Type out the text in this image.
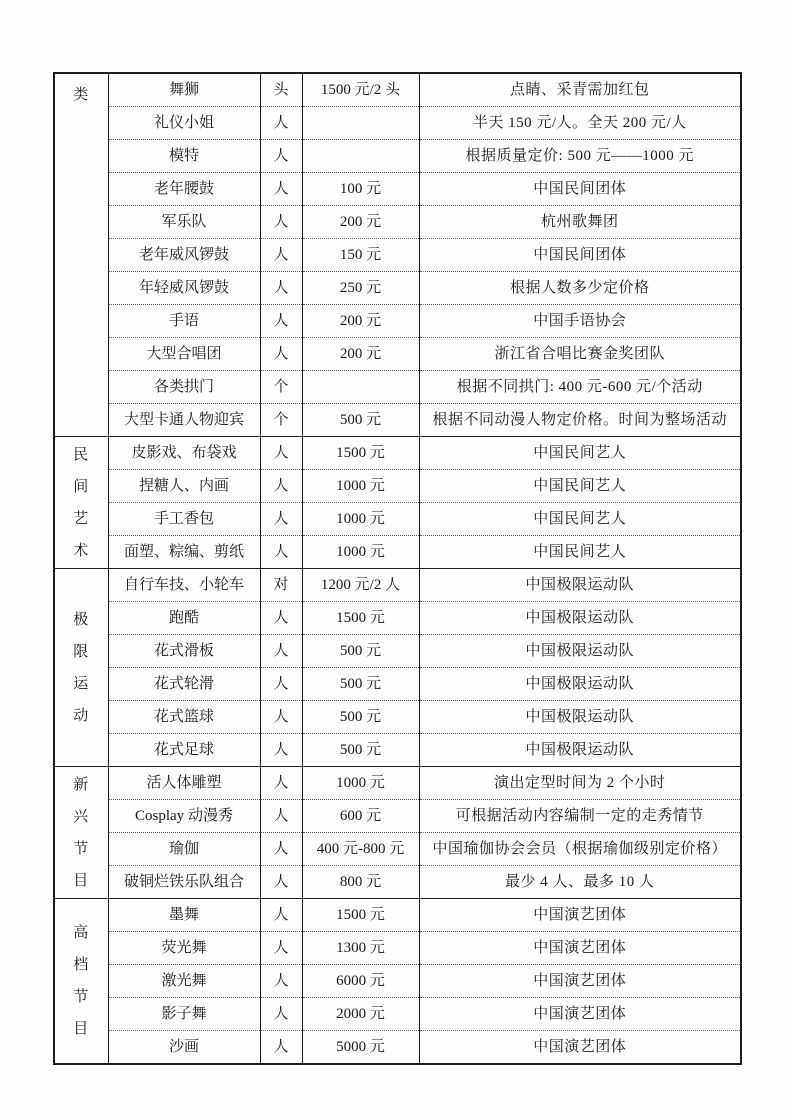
类	舞狮	头	1500 元/2 头	点睛、采青需加红包
	礼仪小姐	人		半天 150 元/人。全天 200 元/人
	模特	人		根据质量定价: 500 元——1000 元
	老年腰鼓	人	100 元	中国民间团体
	军乐队	人	200 元	杭州歌舞团
	老年威风锣鼓	人	150 元	中国民间团体
	年轻威风锣鼓	人	250 元	根据人数多少定价格
	手语	人	200 元	中国手语协会
	大型合唱团	人	200 元	浙江省合唱比赛金奖团队
	各类拱门	个		根据不同拱门: 400 元-600 元/个活动
	大型卡通人物迎宾	个	500 元	根据不同动漫人物定价格。时间为整场活动

民
间
艺
术	皮影戏、布袋戏	人	1500 元	中国民间艺人
	捏糖人、内画	人	1000 元	中国民间艺人
	手工香包	人	1000 元	中国民间艺人
	面塑、粽编、剪纸	人	1000 元	中国民间艺人

极
限
运
动	自行车技、小轮车	对	1200 元/2 人	中国极限运动队
	跑酷	人	1500 元	中国极限运动队
	花式滑板	人	500 元	中国极限运动队
	花式轮滑	人	500 元	中国极限运动队
	花式篮球	人	500 元	中国极限运动队
	花式足球	人	500 元	中国极限运动队

新
兴
节
目	活人体雕塑	人	1000 元	演出定型时间为 2 个小时
	Cosplay 动漫秀	人	600 元	可根据活动内容编制一定的走秀情节
	瑜伽	人	400 元-800 元	中国瑜伽协会会员（根据瑜伽级别定价格）
	破铜烂铁乐队组合	人	800 元	最少 4 人、最多 10 人

高
档
节
目	墨舞	人	1500 元	中国演艺团体
	荧光舞	人	1300 元	中国演艺团体
	激光舞	人	6000 元	中国演艺团体
	影子舞	人	2000 元	中国演艺团体
	沙画	人	5000 元	中国演艺团体
